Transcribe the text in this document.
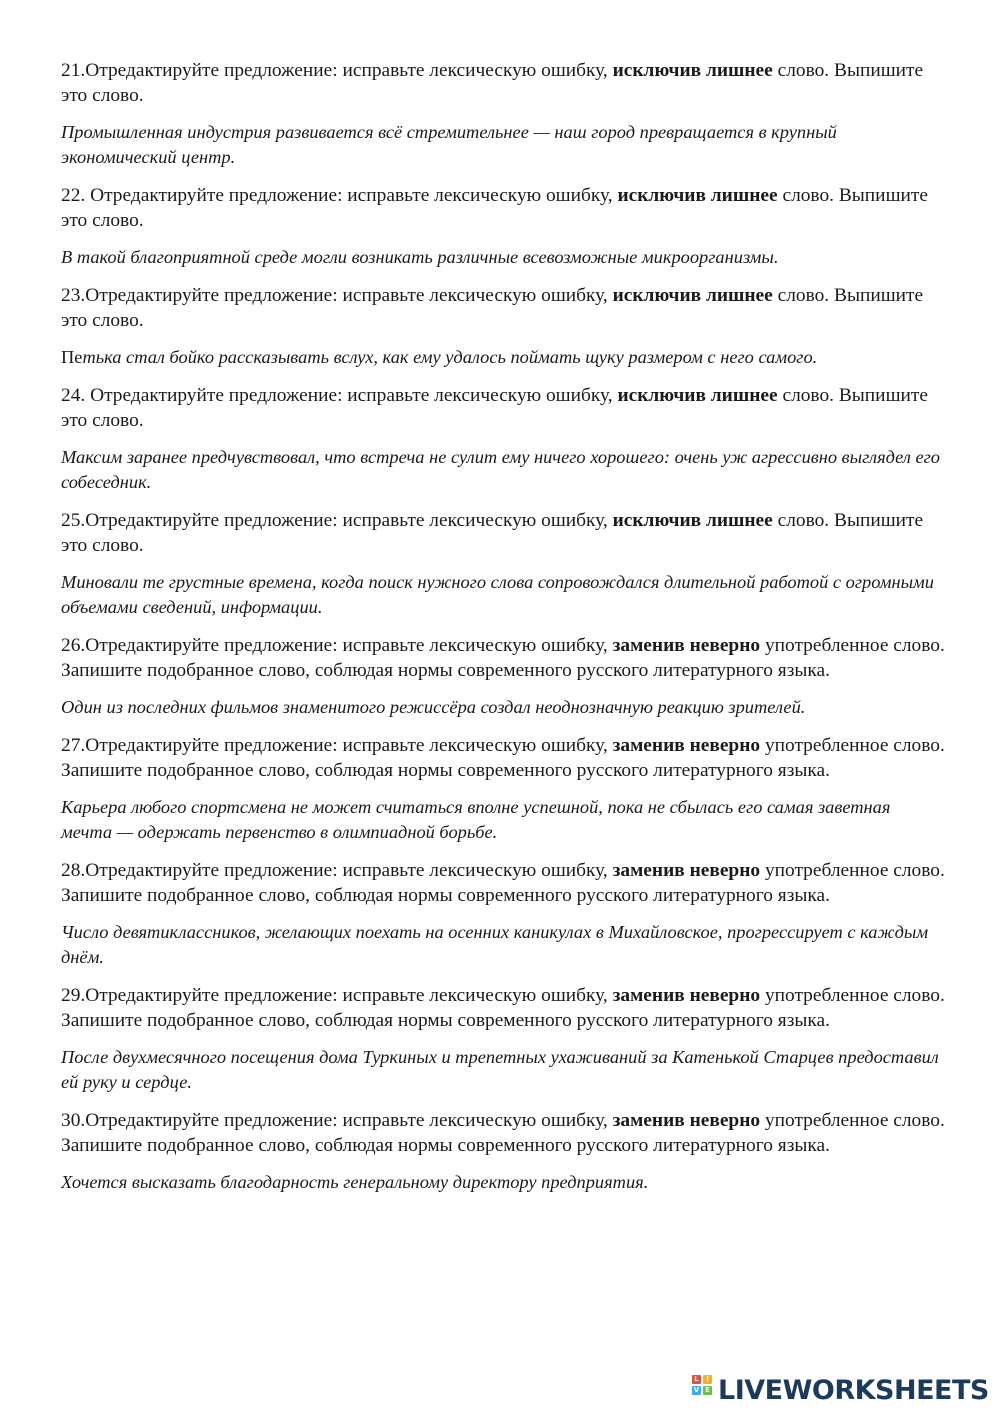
21.Отредактируйте предложение: исправьте лексическую ошибку, исключив лишнее слово. Выпишите это слово.

Промышленная индустрия развивается всё стремительнее — наш город превращается в крупный экономический центр.

22. Отредактируйте предложение: исправьте лексическую ошибку, исключив лишнее слово. Выпишите это слово.

В такой благоприятной среде могли возникать различные всевозможные микроорганизмы.

23.Отредактируйте предложение: исправьте лексическую ошибку, исключив лишнее слово. Выпишите это слово.

Петька стал бойко рассказывать вслух, как ему удалось поймать щуку размером с него самого.

24. Отредактируйте предложение: исправьте лексическую ошибку, исключив лишнее слово. Выпишите это слово.

Максим заранее предчувствовал, что встреча не сулит ему ничего хорошего: очень уж агрессивно выглядел его собеседник.

25.Отредактируйте предложение: исправьте лексическую ошибку, исключив лишнее слово. Выпишите это слово.

Миновали те грустные времена, когда поиск нужного слова сопровождался длительной работой с огромными объемами сведений, информации.

26.Отредактируйте предложение: исправьте лексическую ошибку, заменив неверно употребленное слово. Запишите подобранное слово, соблюдая нормы современного русского литературного языка.

Один из последних фильмов знаменитого режиссёра создал неоднозначную реакцию зрителей.

27.Отредактируйте предложение: исправьте лексическую ошибку, заменив неверно употребленное слово. Запишите подобранное слово, соблюдая нормы современного русского литературного языка.

Карьера любого спортсмена не может считаться вполне успешной, пока не сбылась его самая заветная мечта — одержать первенство в олимпиадной борьбе.

28.Отредактируйте предложение: исправьте лексическую ошибку, заменив неверно употребленное слово. Запишите подобранное слово, соблюдая нормы современного русского литературного языка.

Число девятиклассников, желающих поехать на осенних каникулах в Михайловское, прогрессирует с каждым днём.

29.Отредактируйте предложение: исправьте лексическую ошибку, заменив неверно употребленное слово. Запишите подобранное слово, соблюдая нормы современного русского литературного языка.

После двухмесячного посещения дома Туркиных и трепетных ухаживаний за Катенькой Старцев предоставил ей руку и сердце.

30.Отредактируйте предложение: исправьте лексическую ошибку, заменив неверно употребленное слово. Запишите подобранное слово, соблюдая нормы современного русского литературного языка.

Хочется высказать благодарность генеральному директору предприятия.

L	I
V E LIVEWORKSHEETS
